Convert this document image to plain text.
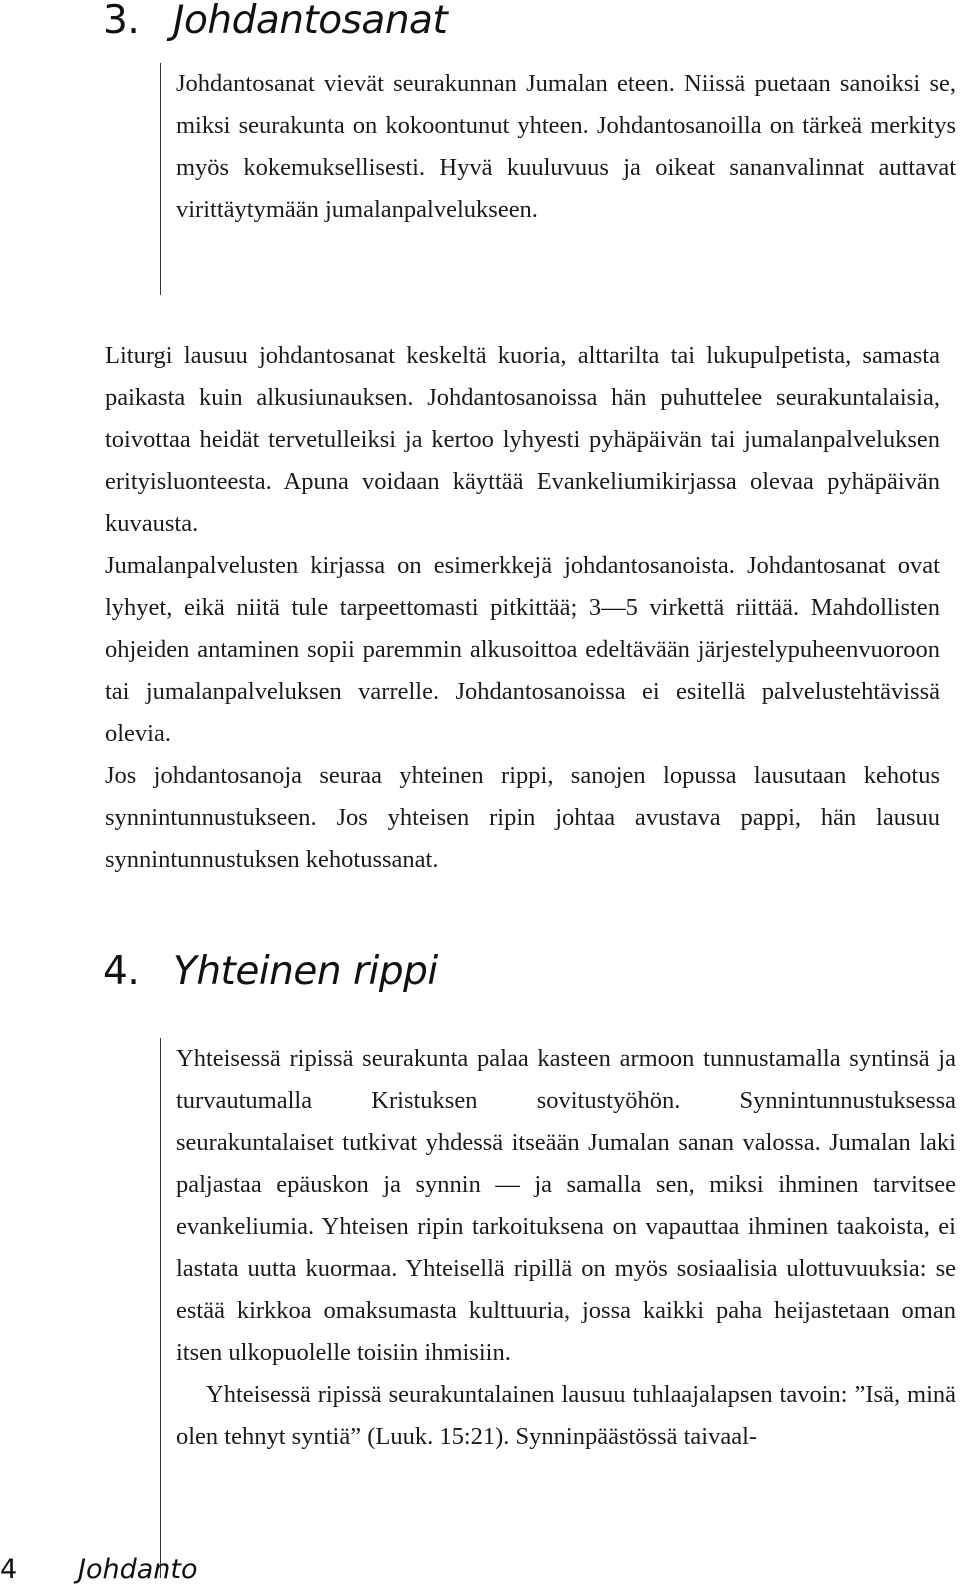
3. Johdantosanat

Johdantosanat vievät seurakunnan Jumalan eteen. Niissä puetaan sanoiksi se, miksi seurakunta on kokoontunut yhteen. Johdantosanoilla on tärkeä merkitys myös kokemuksellisesti. Hyvä kuuluvuus ja oikeat sananvalinnat auttavat virittäytymään jumalanpalvelukseen.

Liturgi lausuu johdantosanat keskeltä kuoria, alttarilta tai lukupulpetista, samasta paikasta kuin alkusiunauksen. Johdantosanoissa hän puhuttelee seurakuntalaisia, toivottaa heidät tervetulleiksi ja kertoo lyhyesti pyhäpäivän tai jumalanpalveluksen erityisluonteesta. Apuna voidaan käyttää Evankeliumikirjassa olevaa pyhäpäivän kuvausta.

Jumalanpalvelusten kirjassa on esimerkkejä johdantosanoista. Johdantosanat ovat lyhyet, eikä niitä tule tarpeettomasti pitkittää; 3—5 virkettä riittää. Mahdollisten ohjeiden antaminen sopii paremmin alkusoittoa edeltävään järjestelypuheenvuoroon tai jumalanpalveluksen varrelle. Johdantosanoissa ei esitellä palvelustehtävissä olevia.

Jos johdantosanoja seuraa yhteinen rippi, sanojen lopussa lausutaan kehotus synnintunnustukseen. Jos yhteisen ripin johtaa avustava pappi, hän lausuu synnintunnustuksen kehotussanat.

4. Yhteinen rippi

Yhteisessä ripissä seurakunta palaa kasteen armoon tunnustamalla syntinsä ja turvautumalla Kristuksen sovitustyöhön. Synnintunnustuksessa seurakuntalaiset tutkivat yhdessä itseään Jumalan sanan valossa. Jumalan laki paljastaa epäuskon ja synnin — ja samalla sen, miksi ihminen tarvitsee evankeliumia. Yhteisen ripin tarkoituksena on vapauttaa ihminen taakoista, ei lastata uutta kuormaa. Yhteisellä ripillä on myös sosiaalisia ulottuvuuksia: se estää kirkkoa omaksumasta kulttuuria, jossa kaikki paha heijastetaan oman itsen ulkopuolelle toisiin ihmisiin.

Yhteisessä ripissä seurakuntalainen lausuu tuhlaajalapsen tavoin: ”Isä, minä olen tehnyt syntiä” (Luuk. 15:21). Synninpäästössä taivaal-

4 Johdanto
